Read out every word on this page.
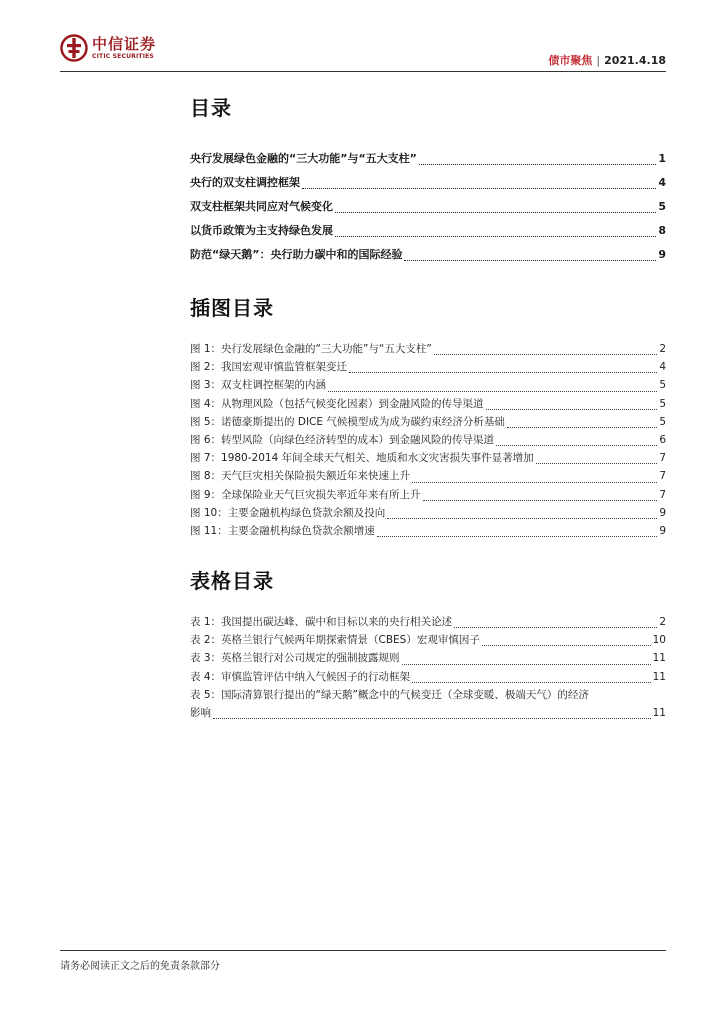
中信证券
CITIC SECURITIES	债市聚焦 | 2021.4.18
目录
央行发展绿色金融的“三大功能”与“五大支柱”	1
央行的双支柱调控框架	4
双支柱框架共同应对气候变化	5
以货币政策为主支持绿色发展	8
防范“绿天鹅”：央行助力碳中和的国际经验	9
插图目录
图 1：央行发展绿色金融的“三大功能”与“五大支柱”	2
图 2：我国宏观审慎监管框架变迁	4
图 3：双支柱调控框架的内涵	5
图 4：从物理风险（包括气候变化因素）到金融风险的传导渠道	5
图 5：诺德豪斯提出的 DICE 气候模型成为成为碳约束经济分析基础	5
图 6：转型风险（向绿色经济转型的成本）到金融风险的传导渠道	6
图 7：1980-2014 年间全球天气相关、地质和水文灾害损失事件显著增加	7
图 8：天气巨灾相关保险损失额近年来快速上升	7
图 9：全球保险业天气巨灾损失率近年来有所上升	7
图 10：主要金融机构绿色贷款余额及投向	9
图 11：主要金融机构绿色贷款余额增速	9
表格目录
表 1：我国提出碳达峰、碳中和目标以来的央行相关论述	2
表 2：英格兰银行气候两年期探索情景（CBES）宏观审慎因子	10
表 3：英格兰银行对公司规定的强制披露规则	11
表 4：审慎监管评估中纳入气候因子的行动框架	11
表 5：国际清算银行提出的“绿天鹅”概念中的气候变迁（全球变暖、极端天气）的经济
影响	11
请务必阅读正文之后的免责条款部分
